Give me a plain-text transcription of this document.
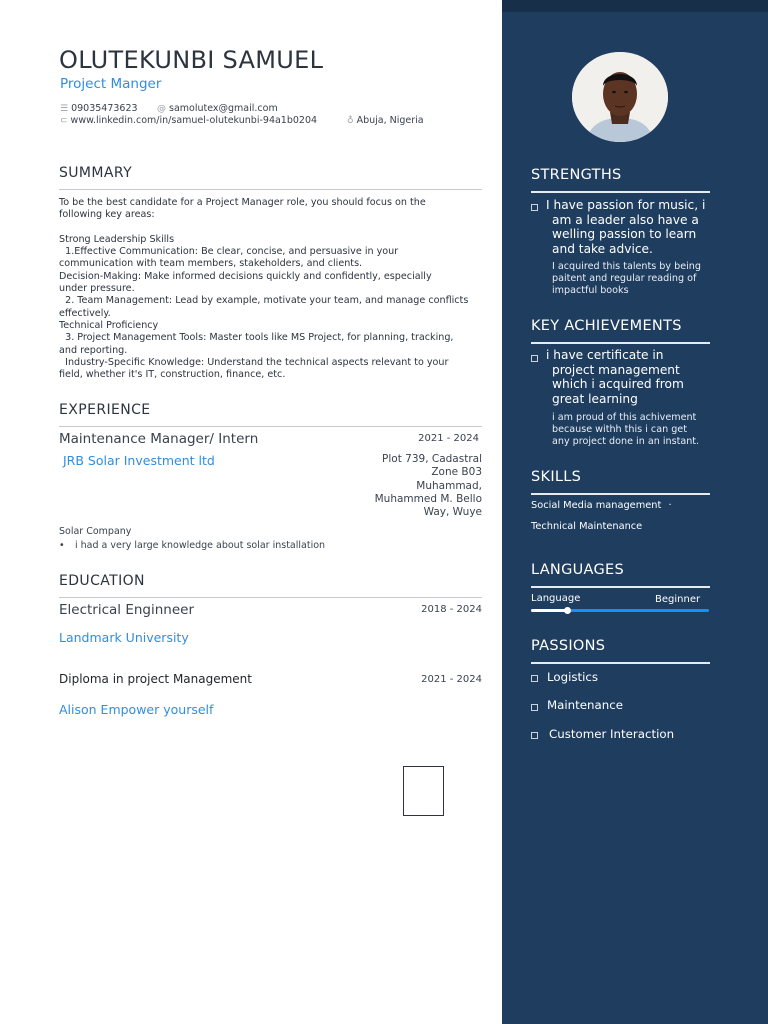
OLUTEKUNBI SAMUEL
Project Manger
☰ 09035473623 @ samolutex@gmail.com
⊂ www.linkedin.com/in/samuel-olutekunbi-94a1b0204	♁ Abuja, Nigeria
SUMMARY
To be the best candidate for a Project Manager role, you should focus on the
following key areas:

Strong Leadership Skills
1.Effective Communication: Be clear, concise, and persuasive in your
communication with team members, stakeholders, and clients.
Decision-Making: Make informed decisions quickly and confidently, especially
under pressure.
2. Team Management: Lead by example, motivate your team, and manage conflicts
effectively.
Technical Proficiency
3. Project Management Tools: Master tools like MS Project, for planning, tracking,
and reporting.
Industry-Specific Knowledge: Understand the technical aspects relevant to your
field, whether it's IT, construction, finance, etc.
EXPERIENCE
Maintenance Manager/ Intern	2021 - 2024
JRB Solar Investment ltd	Plot 739, Cadastral
Zone B03
Muhammad,
Muhammed M. Bello
Way, Wuye
Solar Company
• i had a very large knowledge about solar installation
EDUCATION
Electrical Enginneer	2018 - 2024
Landmark University
Diploma in project Management	2021 - 2024
Alison Empower yourself
STRENGTHS
I have passion for music, i
am a leader also have a
welling passion to learn
and take advice.
I acquired this talents by being
paitent and regular reading of
impactful books
KEY ACHIEVEMENTS
i have certificate in
project management
which i acquired from
great learning
i am proud of this achivement
because withh this i can get
any project done in an instant.
SKILLS
Social Media management ·
Technical Maintenance
LANGUAGES
Language	Beginner
PASSIONS
Logistics
Maintenance
Customer Interaction
